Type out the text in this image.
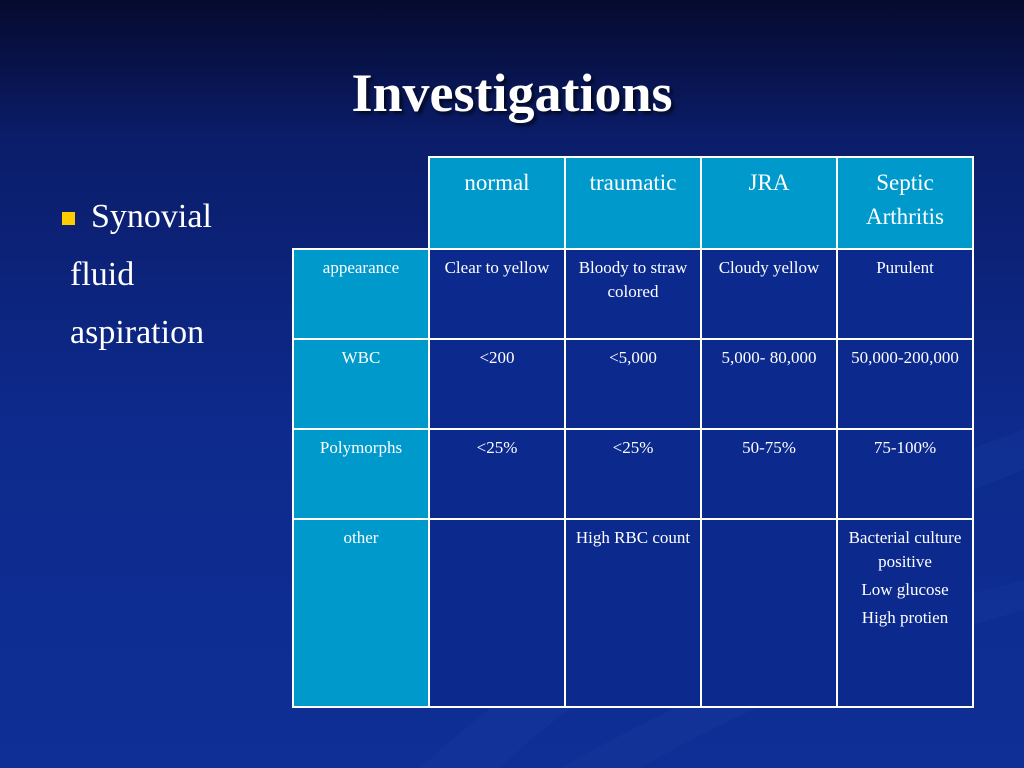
Investigations
Synovial
fluid
aspiration
	normal	traumatic	JRA	Septic Arthritis
appearance	Clear to yellow	Bloody to straw colored	Cloudy yellow	Purulent

WBC	<200	<5,000	5,000- 80,000	50,000-200,000

Polymorphs	<25%	<25%	50-75%	75-100%

other		High RBC count		Bacterial culture positive
Low glucose
High protien
